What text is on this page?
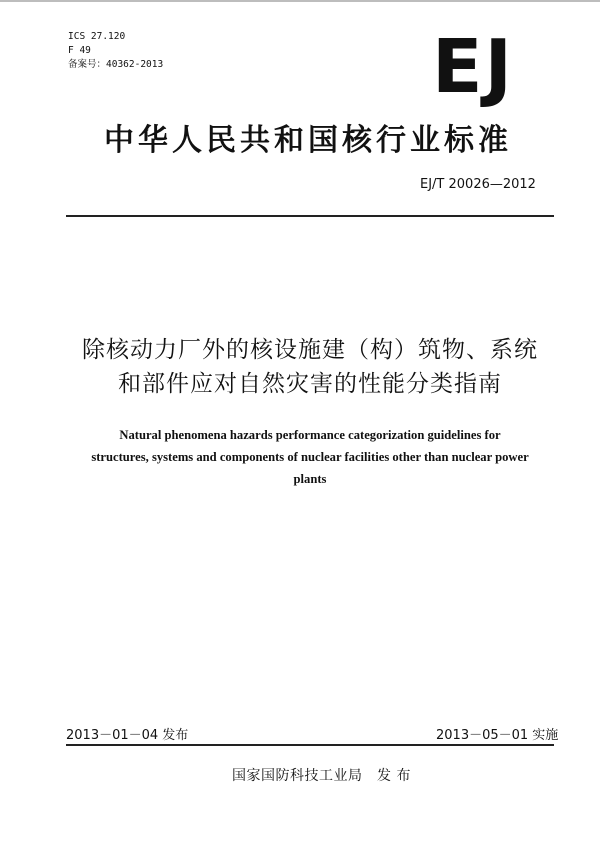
ICS 27.120
F 49
备案号：40362-2013	EJ
中华人民共和国核行业标准
EJ/T 20026—2012
除核动力厂外的核设施建（构）筑物、系统
和部件应对自然灾害的性能分类指南
Natural phenomena hazards performance categorization guidelines for
structures, systems and components of nuclear facilities other than nuclear power
plants
2013－01－04 发布	2013－05－01 实施
国家国防科技工业局　发 布
